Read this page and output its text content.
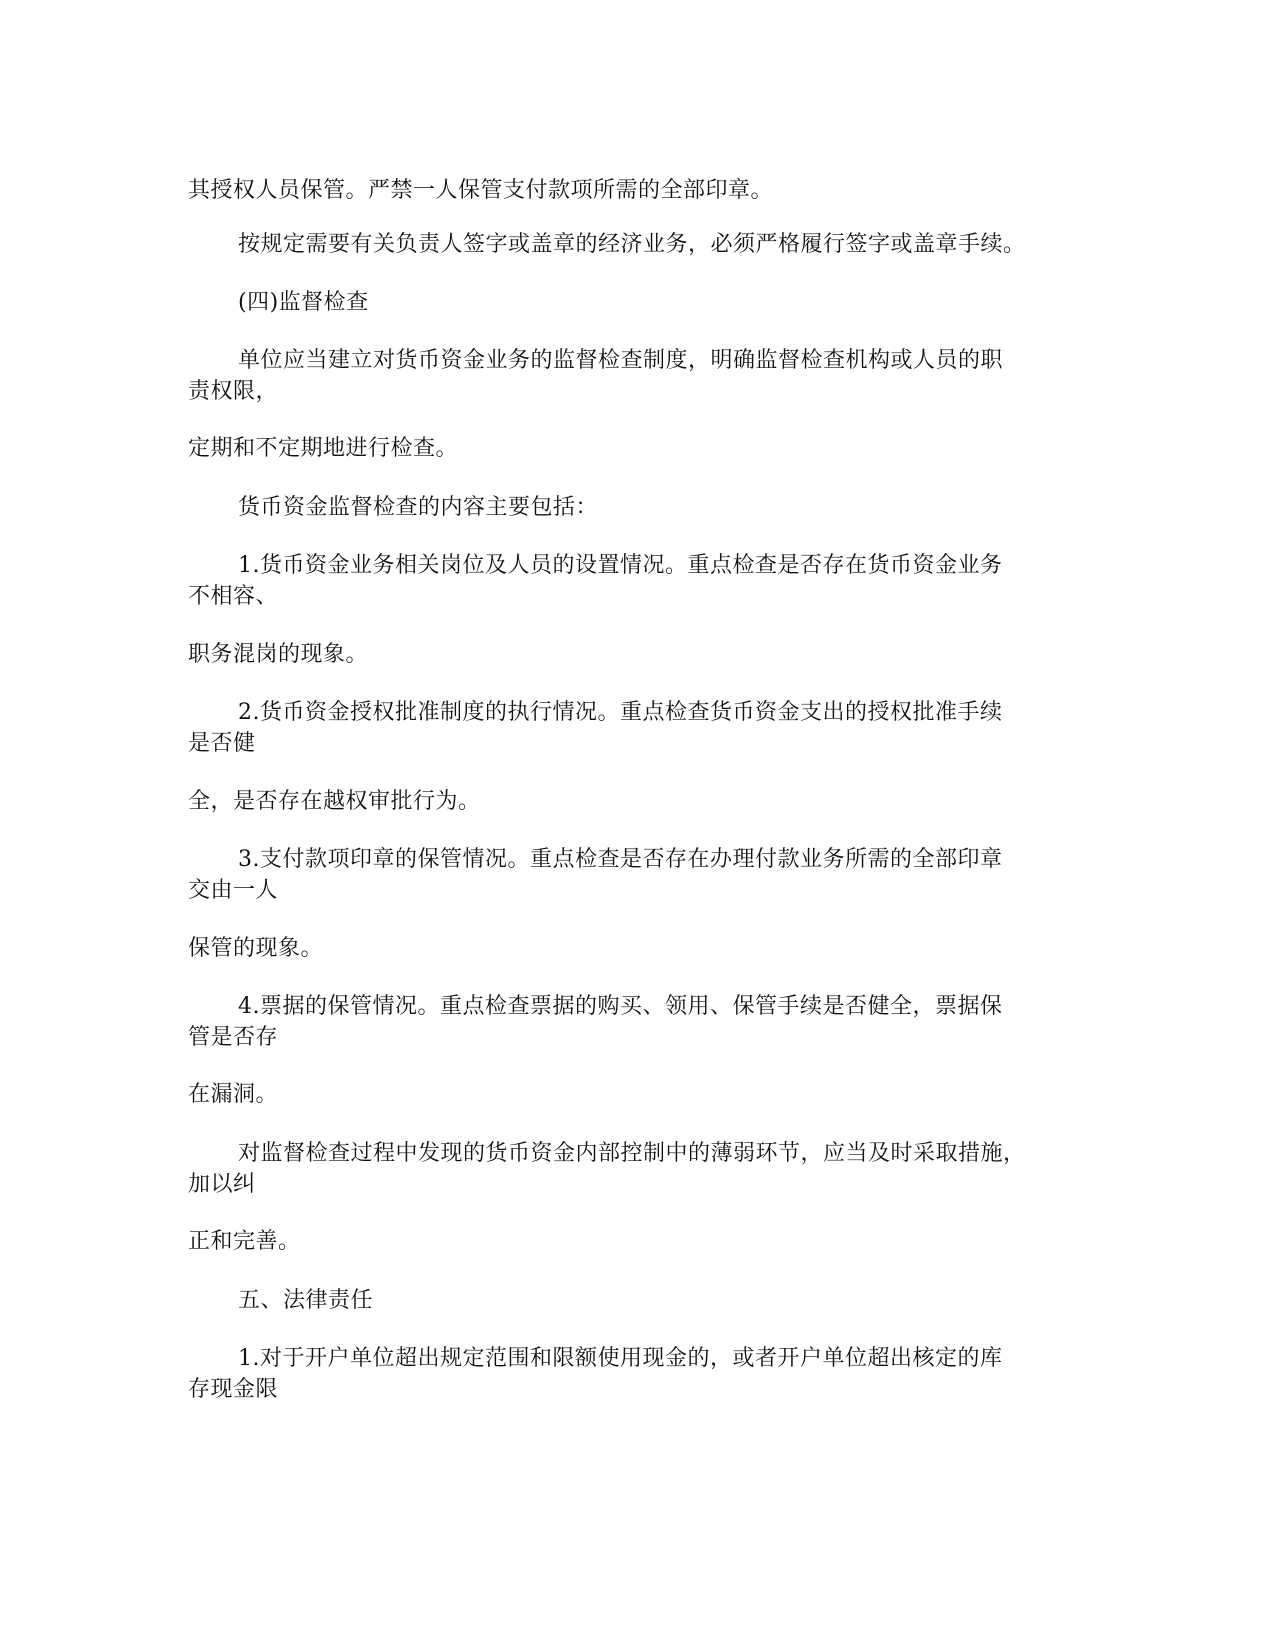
其授权人员保管。严禁一人保管支付款项所需的全部印章。
按规定需要有关负责人签字或盖章的经济业务，必须严格履行签字或盖章手续。
(四)监督检查
单位应当建立对货币资金业务的监督检查制度，明确监督检查机构或人员的职
责权限，
定期和不定期地进行检查。
货币资金监督检查的内容主要包括：
1.货币资金业务相关岗位及人员的设置情况。重点检查是否存在货币资金业务
不相容、
职务混岗的现象。
2.货币资金授权批准制度的执行情况。重点检查货币资金支出的授权批准手续
是否健
全，是否存在越权审批行为。
3.支付款项印章的保管情况。重点检查是否存在办理付款业务所需的全部印章
交由一人
保管的现象。
4.票据的保管情况。重点检查票据的购买、领用、保管手续是否健全，票据保
管是否存
在漏洞。
对监督检查过程中发现的货币资金内部控制中的薄弱环节，应当及时采取措施，
加以纠
正和完善。
五、法律责任
1.对于开户单位超出规定范围和限额使用现金的，或者开户单位超出核定的库
存现金限
